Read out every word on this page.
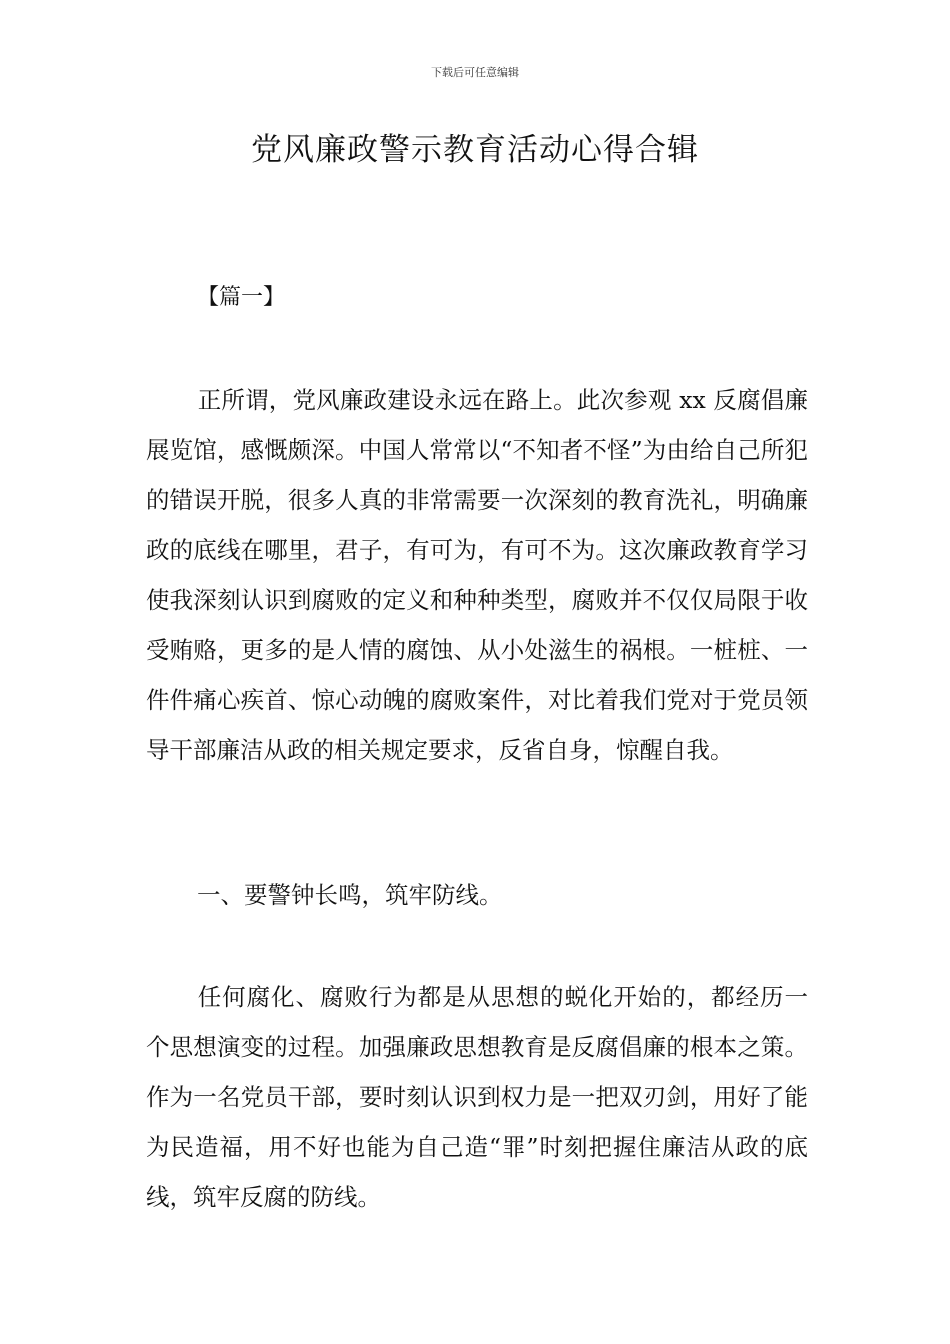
下载后可任意编辑
党风廉政警示教育活动心得合辑
【篇一】

正所谓，党风廉政建设永远在路上。此次参观 xx 反腐倡廉展览馆，感慨颇深。中国人常常以“不知者不怪”为由给自己所犯的错误开脱，很多人真的非常需要一次深刻的教育洗礼，明确廉政的底线在哪里，君子，有可为，有可不为。这次廉政教育学习使我深刻认识到腐败的定义和种种类型，腐败并不仅仅局限于收受贿赂，更多的是人情的腐蚀、从小处滋生的祸根。一桩桩、一件件痛心疾首、惊心动魄的腐败案件，对比着我们党对于党员领导干部廉洁从政的相关规定要求，反省自身，惊醒自我。

一、要警钟长鸣，筑牢防线。

任何腐化、腐败行为都是从思想的蜕化开始的，都经历一个思想演变的过程。加强廉政思想教育是反腐倡廉的根本之策。作为一名党员干部，要时刻认识到权力是一把双刃剑，用好了能为民造福，用不好也能为自己造“罪”时刻把握住廉洁从政的底线，筑牢反腐的防线。
